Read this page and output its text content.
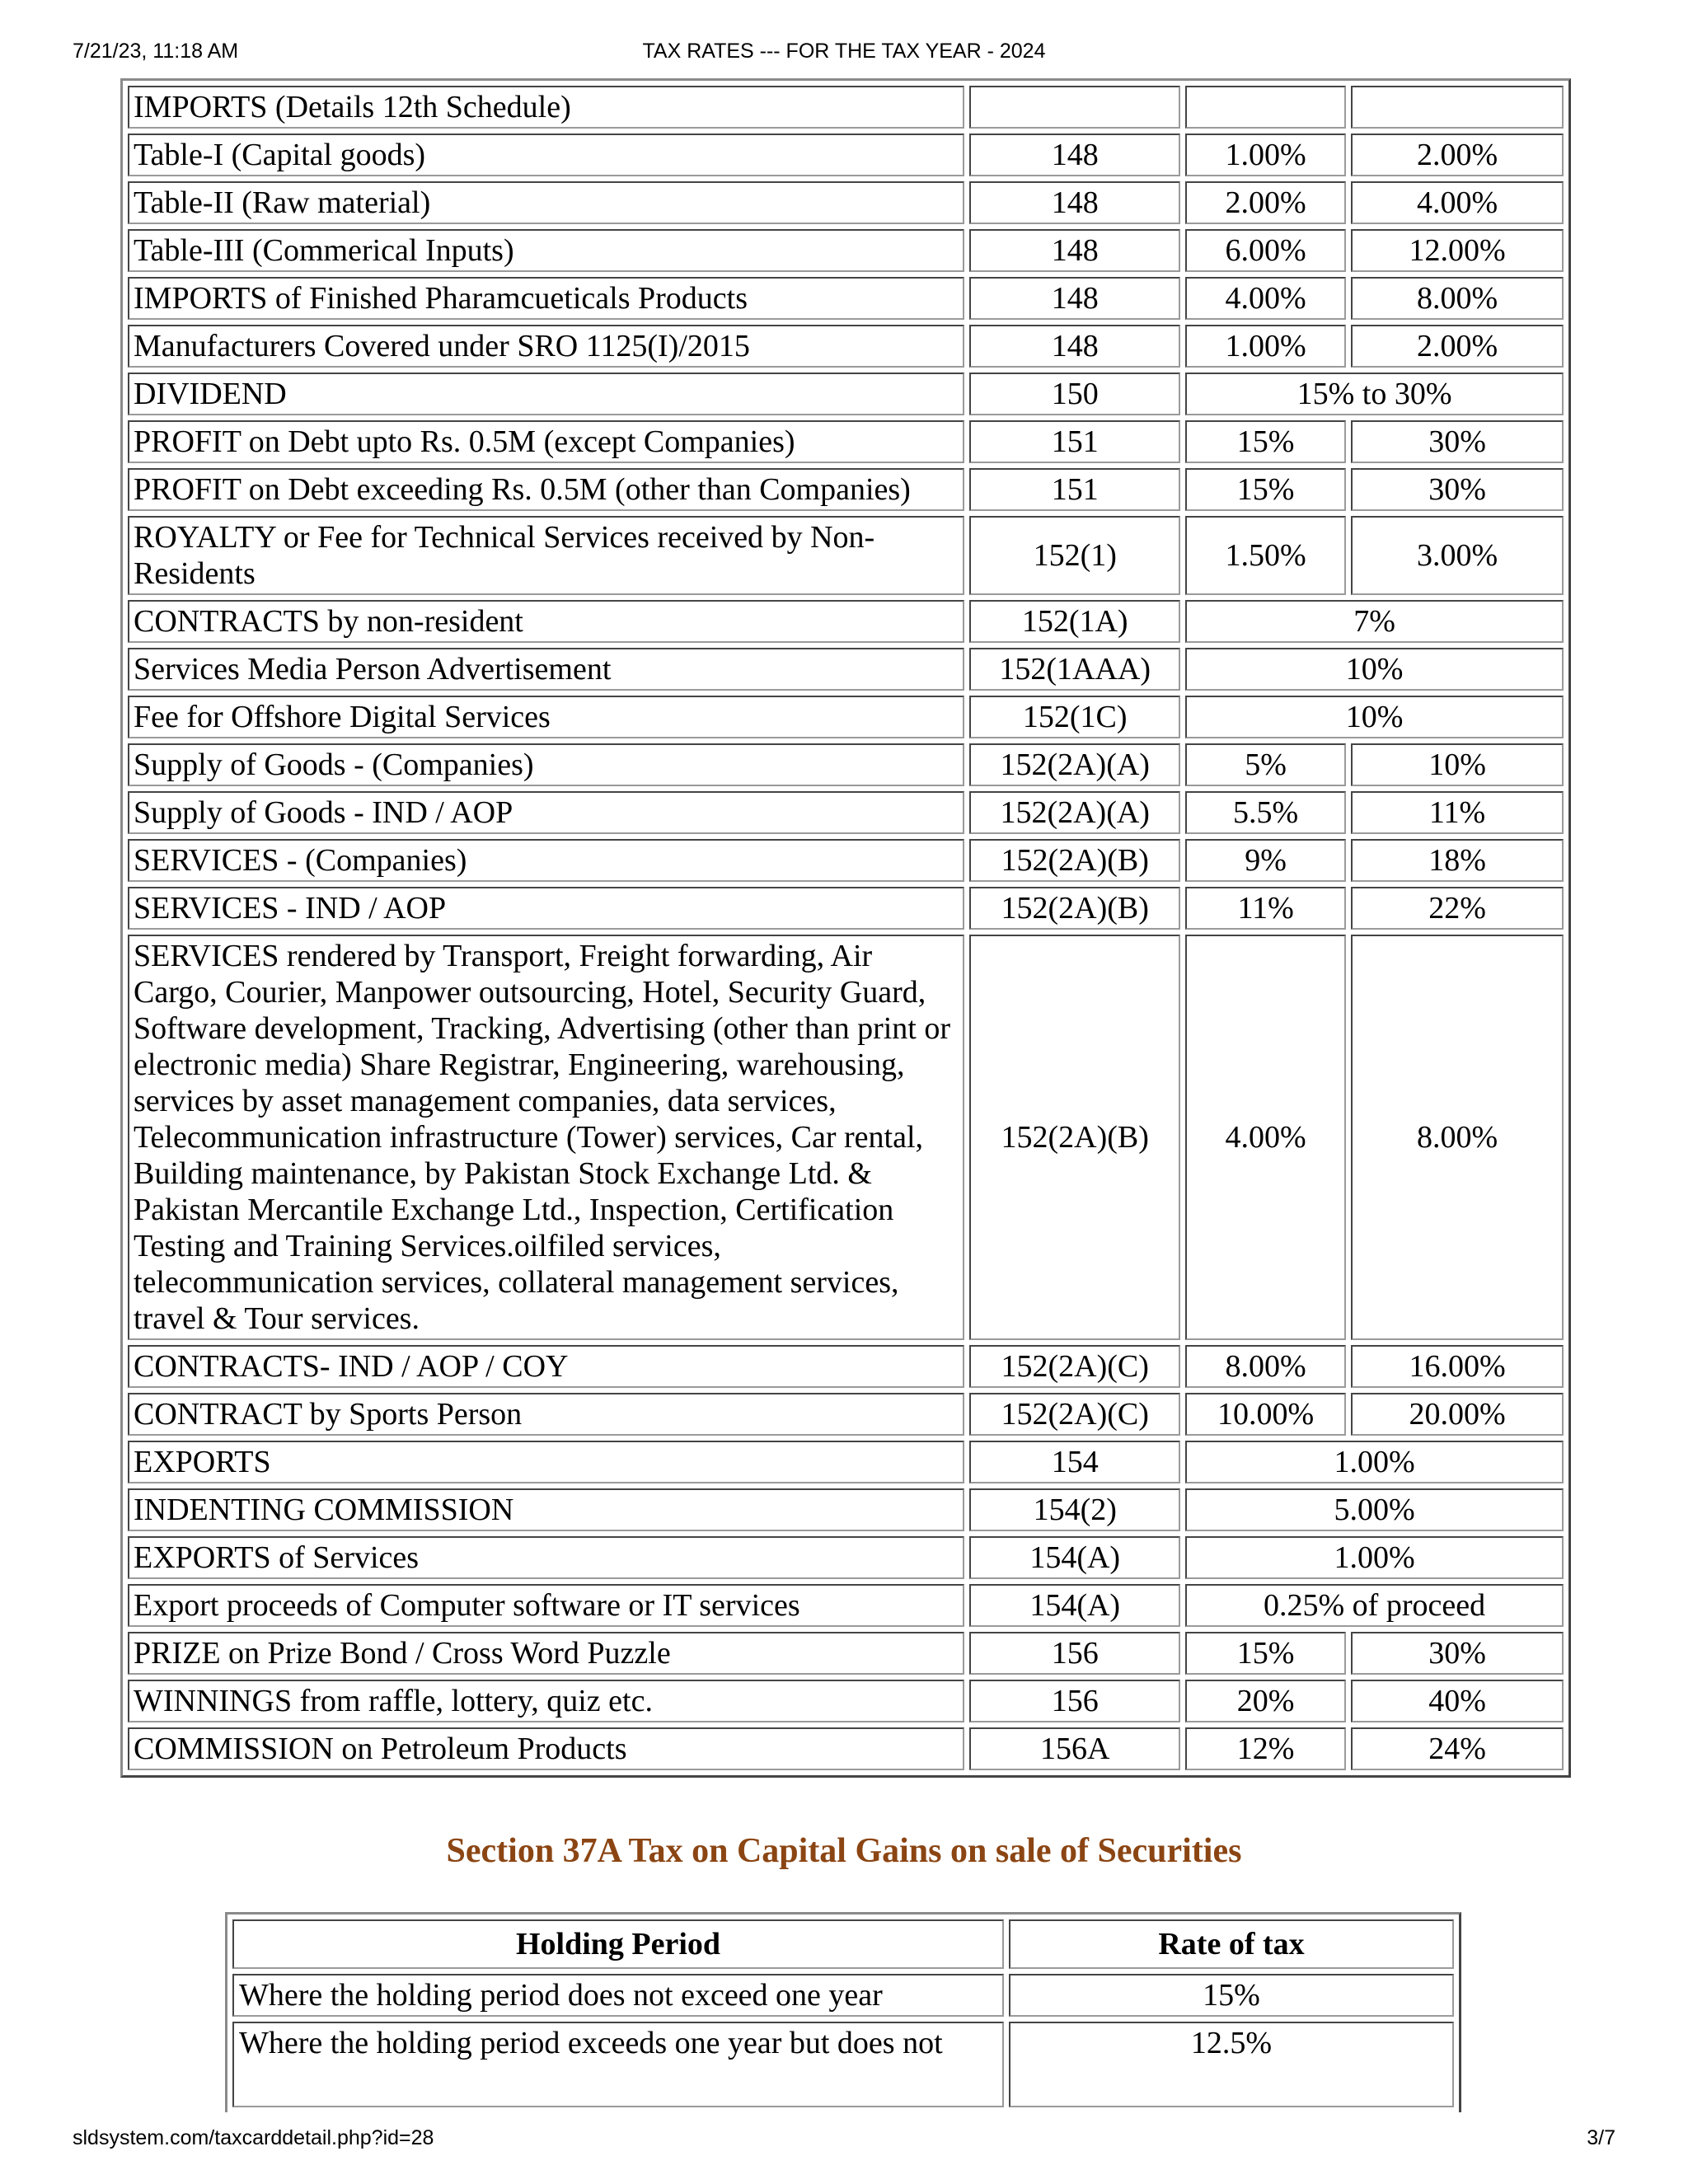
7/21/23, 11:18 AM	TAX RATES --- FOR THE TAX YEAR - 2024
IMPORTS (Details 12th Schedule)			
Table-I (Capital goods)	148	1.00%	2.00%
Table-II (Raw material)	148	2.00%	4.00%
Table-III (Commerical Inputs)	148	6.00%	12.00%
IMPORTS of Finished Pharamcueticals Products	148	4.00%	8.00%
Manufacturers Covered under SRO 1125(I)/2015	148	1.00%	2.00%
DIVIDEND	150	15% to 30%	
PROFIT on Debt upto Rs. 0.5M (except Companies)	151	15%	30%
PROFIT on Debt exceeding Rs. 0.5M (other than Companies)	151	15%	30%
ROYALTY or Fee for Technical Services received by Non-Residents	152(1)	1.50%	3.00%
CONTRACTS by non-resident	152(1A)	7%	
Services Media Person Advertisement	152(1AAA)	10%	
Fee for Offshore Digital Services	152(1C)	10%	
Supply of Goods - (Companies)	152(2A)(A)	5%	10%
Supply of Goods - IND / AOP	152(2A)(A)	5.5%	11%
SERVICES - (Companies)	152(2A)(B)	9%	18%
SERVICES - IND / AOP	152(2A)(B)	11%	22%
SERVICES rendered by Transport, Freight forwarding, Air Cargo, Courier, Manpower outsourcing, Hotel, Security Guard, Software development, Tracking, Advertising (other than print or electronic media) Share Registrar, Engineering, warehousing, services by asset management companies, data services, Telecommunication infrastructure (Tower) services, Car rental, Building maintenance, by Pakistan Stock Exchange Ltd. & Pakistan Mercantile Exchange Ltd., Inspection, Certification Testing and Training Services.oilfiled services, telecommunication services, collateral management services, travel & Tour services.	152(2A)(B)	4.00%	8.00%
CONTRACTS- IND / AOP / COY	152(2A)(C)	8.00%	16.00%
CONTRACT by Sports Person	152(2A)(C)	10.00%	20.00%
EXPORTS	154	1.00%	
INDENTING COMMISSION	154(2)	5.00%	
EXPORTS of Services	154(A)	1.00%	
Export proceeds of Computer software or IT services	154(A)	0.25% of proceed	
PRIZE on Prize Bond / Cross Word Puzzle	156	15%	30%
WINNINGS from raffle, lottery, quiz etc.	156	20%	40%
COMMISSION on Petroleum Products	156A	12%	24%
Section 37A Tax on Capital Gains on sale of Securities
Holding Period	Rate of tax
Where the holding period does not exceed one year	15%
Where the holding period exceeds one year but does not	12.5%
sldsystem.com/taxcarddetail.php?id=28	3/7
